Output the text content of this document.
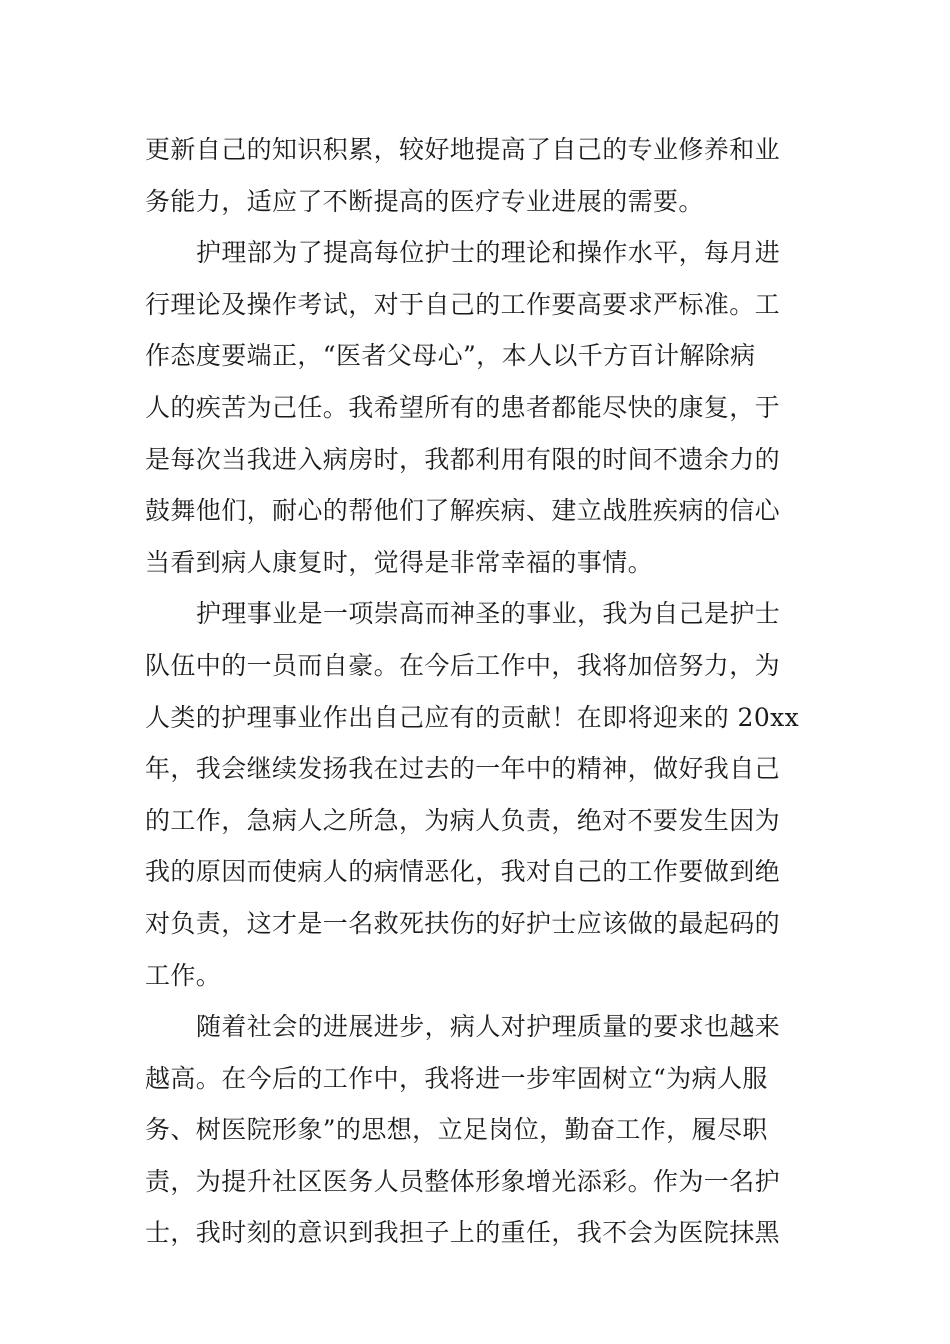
更新自己的知识积累，较好地提高了自己的专业修养和业
务能力，适应了不断提高的医疗专业进展的需要。
护理部为了提高每位护士的理论和操作水平，每月进
行理论及操作考试，对于自己的工作要高要求严标准。工
作态度要端正，“医者父母心”，本人以千方百计解除病
人的疾苦为己任。我希望所有的患者都能尽快的康复，于
是每次当我进入病房时，我都利用有限的时间不遗余力的
鼓舞他们，耐心的帮他们了解疾病、建立战胜疾病的信心
当看到病人康复时，觉得是非常幸福的事情。
护理事业是一项崇高而神圣的事业，我为自己是护士
队伍中的一员而自豪。在今后工作中，我将加倍努力，为
人类的护理事业作出自己应有的贡献！在即将迎来的 20xx
年，我会继续发扬我在过去的一年中的精神，做好我自己
的工作，急病人之所急，为病人负责，绝对不要发生因为
我的原因而使病人的病情恶化，我对自己的工作要做到绝
对负责，这才是一名救死扶伤的好护士应该做的最起码的
工作。
随着社会的进展进步，病人对护理质量的要求也越来
越高。在今后的工作中，我将进一步牢固树立“为病人服
务、树医院形象”的思想，立足岗位，勤奋工作，履尽职
责，为提升社区医务人员整体形象增光添彩。作为一名护
士，我时刻的意识到我担子上的重任，我不会为医院抹黑
